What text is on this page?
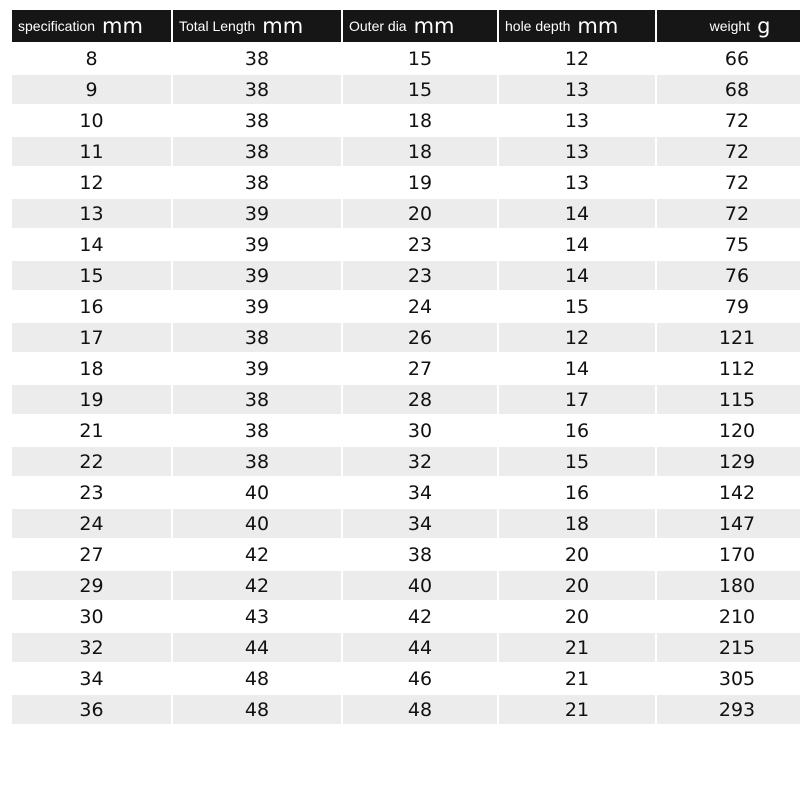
specification mm	Total Length mm	Outer dia mm	hole depth mm	weight g
8	38	15	12	66
9	38	15	13	68
10	38	18	13	72
11	38	18	13	72
12	38	19	13	72
13	39	20	14	72
14	39	23	14	75
15	39	23	14	76
16	39	24	15	79
17	38	26	12	121
18	39	27	14	112
19	38	28	17	115
21	38	30	16	120
22	38	32	15	129
23	40	34	16	142
24	40	34	18	147
27	42	38	20	170
29	42	40	20	180
30	43	42	20	210
32	44	44	21	215
34	48	46	21	305
36	48	48	21	293
